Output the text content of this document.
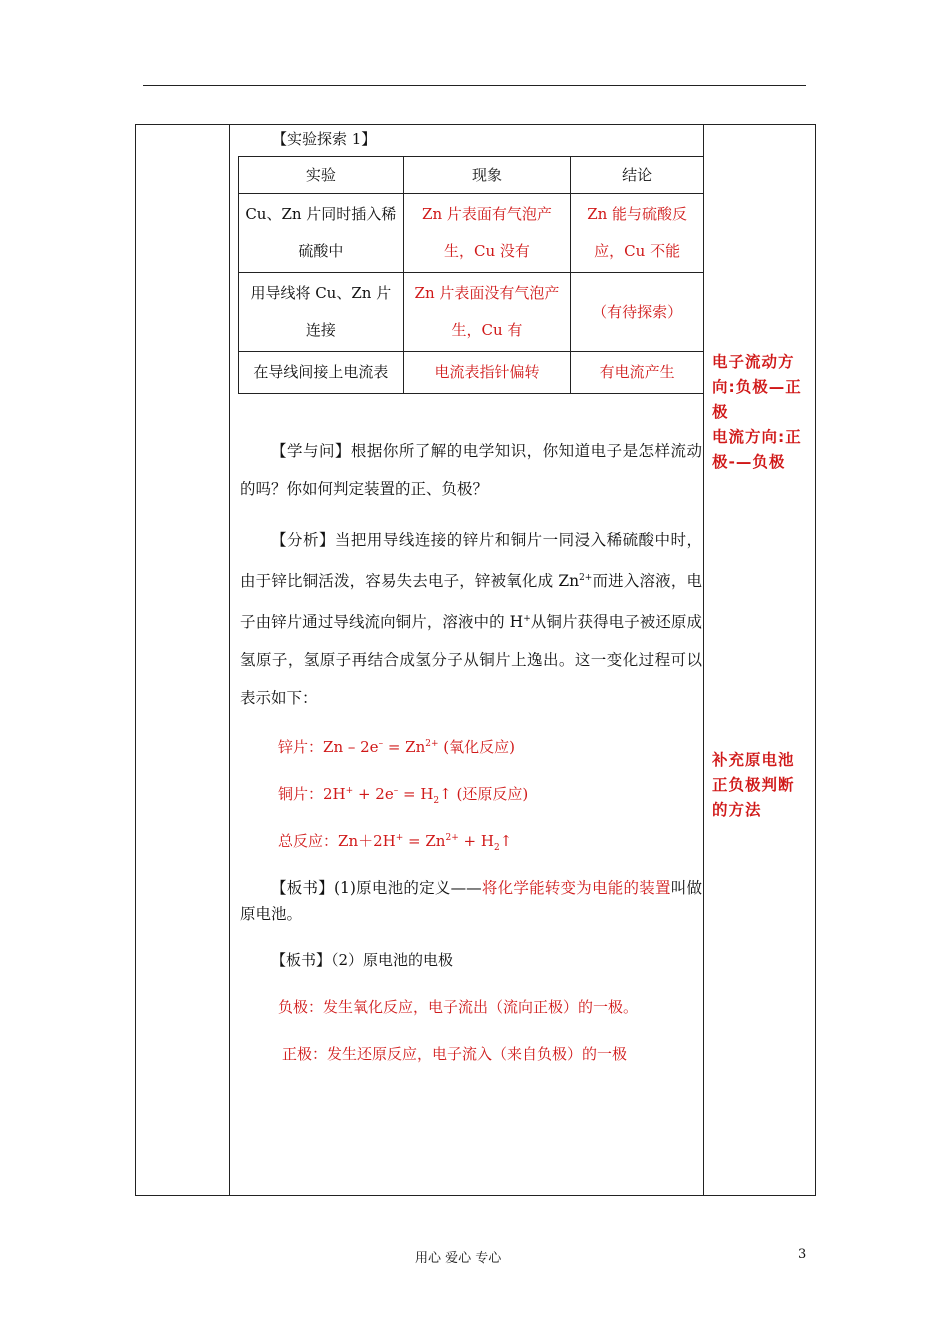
【实验探索 1】
实验	现象	结论
Cu、Zn 片同时插入稀硫酸中	Zn 片表面有气泡产生，Cu 没有	Zn 能与硫酸反应，Cu 不能
用导线将 Cu、Zn 片连接	Zn 片表面没有气泡产生，Cu 有	（有待探索）
在导线间接上电流表	电流表指针偏转	有电流产生
电子流动方向:负极—正极
电流方向:正极-—负极
补充原电池正负极判断的方法
【学与问】根据你所了解的电学知识，你知道电子是怎样流动的吗？你如何判定装置的正、负极？
【分析】当把用导线连接的锌片和铜片一同浸入稀硫酸中时，由于锌比铜活泼，容易失去电子，锌被氧化成 $Zn^{2+}$而进入溶液，电子由锌片通过导线流向铜片，溶液中的 H+从铜片获得电子被还原成氢原子，氢原子再结合成氢分子从铜片上逸出。这一变化过程可以表示如下：
锌片：$Zn - 2e^- = Zn^{2+}$ (氧化反应)
铜片：$2H^+ + 2e^- = H_2↑$ (还原反应)
总反应：$Zn+2H^+ = Zn^{2+}$ + $H_2↑$
【板书】(1)原电池的定义——将化学能转变为电能的装置叫做原电池。
【板书】（2）原电池的电极
负极：发生氧化反应，电子流出（流向正极）的一极。
正极：发生还原反应，电子流入（来自负极）的一极
用心 爱心 专心	3
